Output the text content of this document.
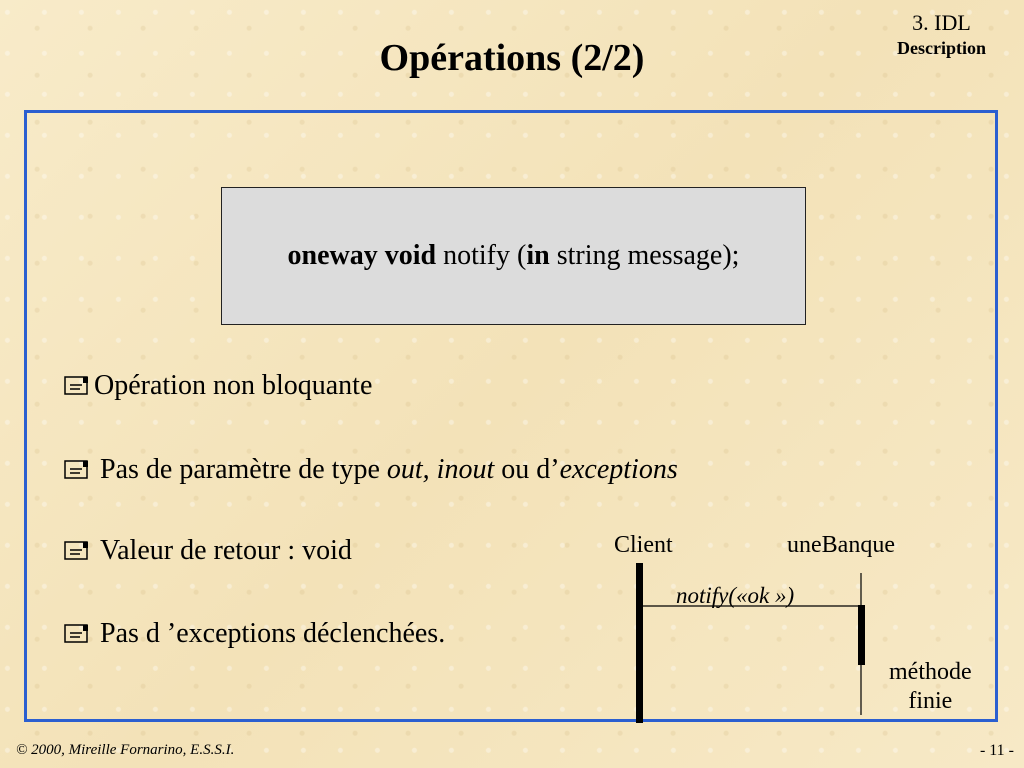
Opérations (2/2)
3. IDL
Description
oneway void notify (in string message);
Opération non bloquante
Pas de paramètre de type out, inout ou d’exceptions
Valeur de retour : void
Pas d ’exceptions déclenchées.
Client	uneBanque
notify(«ok »)
méthode
finie
© 2000, Mireille Fornarino, E.S.S.I.	- 11 -
